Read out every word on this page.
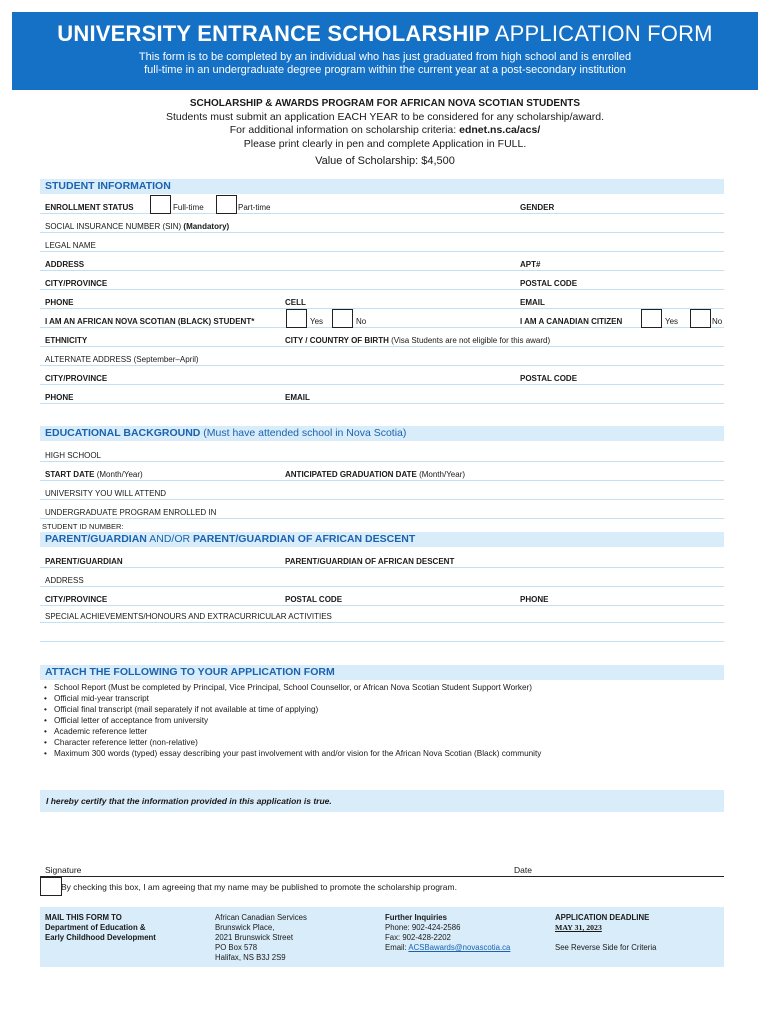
UNIVERSITY ENTRANCE SCHOLARSHIP APPLICATION FORM
This form is to be completed by an individual who has just graduated from high school and is enrolled
full-time in an undergraduate degree program within the current year at a post-secondary institution
SCHOLARSHIP & AWARDS PROGRAM FOR AFRICAN NOVA SCOTIAN STUDENTS
Students must submit an application EACH YEAR to be considered for any scholarship/award.
For additional information on scholarship criteria: ednet.ns.ca/acs/
Please print clearly in pen and complete Application in FULL.
Value of Scholarship: $4,500
STUDENT INFORMATION
ENROLLMENT STATUS	Full-time	Part-time	GENDER
SOCIAL INSURANCE NUMBER (SIN) (Mandatory)
LEGAL NAME
ADDRESS	APT#
CITY/PROVINCE	POSTAL CODE
PHONE	CELL	EMAIL
I AM AN AFRICAN NOVA SCOTIAN (BLACK) STUDENT*	Yes	No	I AM A CANADIAN CITIZEN	Yes	No
ETHNICITY	CITY / COUNTRY OF BIRTH (Visa Students are not eligible for this award)
ALTERNATE ADDRESS (September–April)
CITY/PROVINCE	POSTAL CODE
PHONE	EMAIL
EDUCATIONAL BACKGROUND (Must have attended school in Nova Scotia)
HIGH SCHOOL
START DATE (Month/Year)	ANTICIPATED GRADUATION DATE (Month/Year)
UNIVERSITY YOU WILL ATTEND
UNDERGRADUATE PROGRAM ENROLLED IN
STUDENT ID NUMBER:
PARENT/GUARDIAN AND/OR PARENT/GUARDIAN OF AFRICAN DESCENT
PARENT/GUARDIAN	PARENT/GUARDIAN OF AFRICAN DESCENT
ADDRESS
CITY/PROVINCE	POSTAL CODE	PHONE
SPECIAL ACHIEVEMENTS/HONOURS AND EXTRACURRICULAR ACTIVITIES
ATTACH THE FOLLOWING TO YOUR APPLICATION FORM
• School Report (Must be completed by Principal, Vice Principal, School Counsellor, or African Nova Scotian Student Support Worker)
• Official mid-year transcript
• Official final transcript (mail separately if not available at time of applying)
• Official letter of acceptance from university
• Academic reference letter
• Character reference letter (non-relative)
• Maximum 300 words (typed) essay describing your past involvement with and/or vision for the African Nova Scotian (Black) community
I hereby certify that the information provided in this application is true.
Signature	Date
By checking this box, I am agreeing that my name may be published to promote the scholarship program.
MAIL THIS FORM TO
Department of Education &
Early Childhood Development
African Canadian Services
Brunswick Place,
2021 Brunswick Street
PO Box 578
Halifax, NS B3J 2S9
Further Inquiries
Phone: 902-424-2586
Fax: 902-428-2202
Email: ACSBawards@novascotia.ca
APPLICATION DEADLINE
MAY 31, 2023
See Reverse Side for Criteria
